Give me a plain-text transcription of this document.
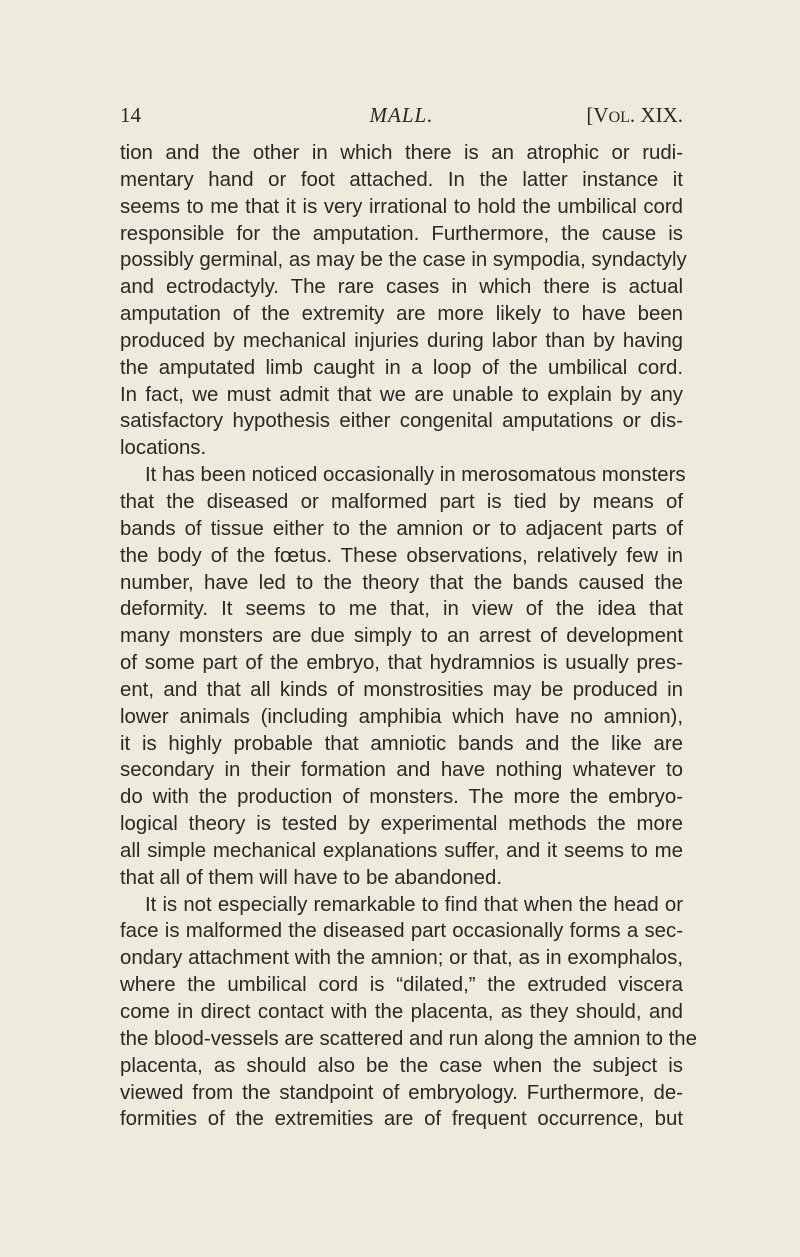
14	MALL.	[VOL. XIX.
tion and the other in which there is an atrophic or rudi-
mentary hand or foot attached. In the latter instance it
seems to me that it is very irrational to hold the umbilical cord
responsible for the amputation. Furthermore, the cause is
possibly germinal, as may be the case in sympodia, syndactyly
and ectrodactyly. The rare cases in which there is actual
amputation of the extremity are more likely to have been
produced by mechanical injuries during labor than by having
the amputated limb caught in a loop of the umbilical cord.
In fact, we must admit that we are unable to explain by any
satisfactory hypothesis either congenital amputations or dis-
locations.
It has been noticed occasionally in merosomatous monsters
that the diseased or malformed part is tied by means of
bands of tissue either to the amnion or to adjacent parts of
the body of the fœtus. These observations, relatively few in
number, have led to the theory that the bands caused the
deformity. It seems to me that, in view of the idea that
many monsters are due simply to an arrest of development
of some part of the embryo, that hydramnios is usually pres-
ent, and that all kinds of monstrosities may be produced in
lower animals (including amphibia which have no amnion),
it is highly probable that amniotic bands and the like are
secondary in their formation and have nothing whatever to
do with the production of monsters. The more the embryo-
logical theory is tested by experimental methods the more
all simple mechanical explanations suffer, and it seems to me
that all of them will have to be abandoned.
It is not especially remarkable to find that when the head or
face is malformed the diseased part occasionally forms a sec-
ondary attachment with the amnion; or that, as in exomphalos,
where the umbilical cord is “dilated,” the extruded viscera
come in direct contact with the placenta, as they should, and
the blood-vessels are scattered and run along the amnion to the
placenta, as should also be the case when the subject is
viewed from the standpoint of embryology. Furthermore, de-
formities of the extremities are of frequent occurrence, but
